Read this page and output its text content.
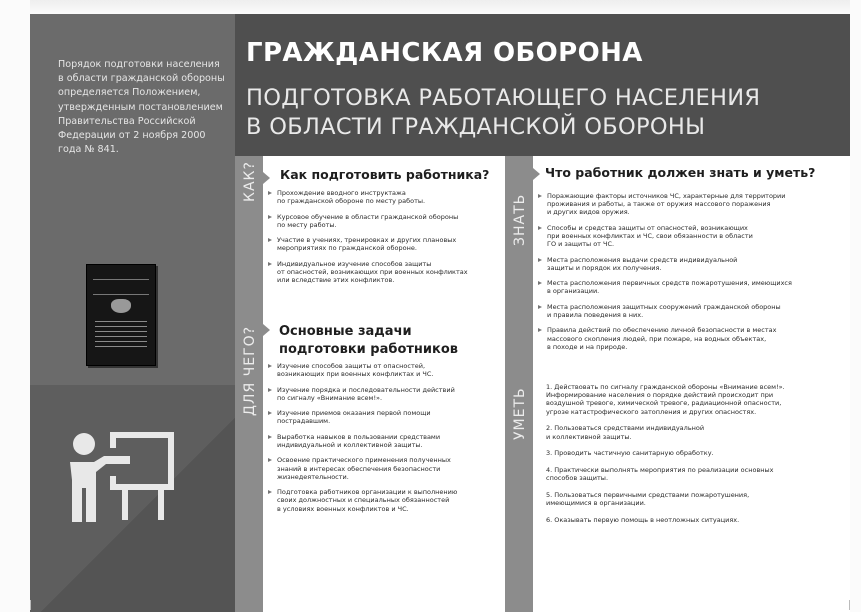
Порядок подготовки населения в области гражданской обороны определяется Положением, утвержденным постановлением Правительства Российской Федерации от 2 ноября 2000 года № 841.
ГРАЖДАНСКАЯ ОБОРОНА
ПОДГОТОВКА РАБОТАЮЩЕГО НАСЕЛЕНИЯ
В ОБЛАСТИ ГРАЖДАНСКОЙ ОБОРОНЫ
КАК?
ДЛЯ ЧЕГО?
ЗНАТЬ
УМЕТЬ
Как подготовить работника?
Прохождение вводного инструктажа
по гражданской обороне по месту работы.
Курсовое обучение в области гражданской обороны
по месту работы.
Участие в учениях, тренировках и других плановых
мероприятиях по гражданской обороне.
Индивидуальное изучение способов защиты
от опасностей, возникающих при военных конфликтах
или вследствие этих конфликтов.
Основные задачи
подготовки работников
Изучение способов защиты от опасностей,
возникающих при военных конфликтах и ЧС.
Изучение порядка и последовательности действий
по сигналу «Внимание всем!».
Изучение приемов оказания первой помощи
пострадавшим.
Выработка навыков в пользовании средствами
индивидуальной и коллективной защиты.
Освоение практического применения полученных
знаний в интересах обеспечения безопасности
жизнедеятельности.
Подготовка работников организации к выполнению
своих должностных и специальных обязанностей
в условиях военных конфликтов и ЧС.
Что работник должен знать и уметь?
Поражающие факторы источников ЧС, характерные для территории
проживания и работы, а также от оружия массового поражения
и других видов оружия.
Способы и средства защиты от опасностей, возникающих
при военных конфликтах и ЧС, свои обязанности в области
ГО и защиты от ЧС.
Места расположения выдачи средств индивидуальной
защиты и порядок их получения.
Места расположения первичных средств пожаротушения, имеющихся
в организации.
Места расположения защитных сооружений гражданской обороны
и правила поведения в них.
Правила действий по обеспечению личной безопасности в местах
массового скопления людей, при пожаре, на водных объектах,
в походе и на природе.
1. Действовать по сигналу гражданской обороны «Внимание всем!».
Информирование населения о порядке действий происходит при
воздушной тревоге, химической тревоге, радиационной опасности,
угрозе катастрофического затопления и других опасностях.
2. Пользоваться средствами индивидуальной
и коллективной защиты.
3. Проводить частичную санитарную обработку.
4. Практически выполнять мероприятия по реализации основных
способов защиты.
5. Пользоваться первичными средствами пожаротушения,
имеющимися в организации.
6. Оказывать первую помощь в неотложных ситуациях.
